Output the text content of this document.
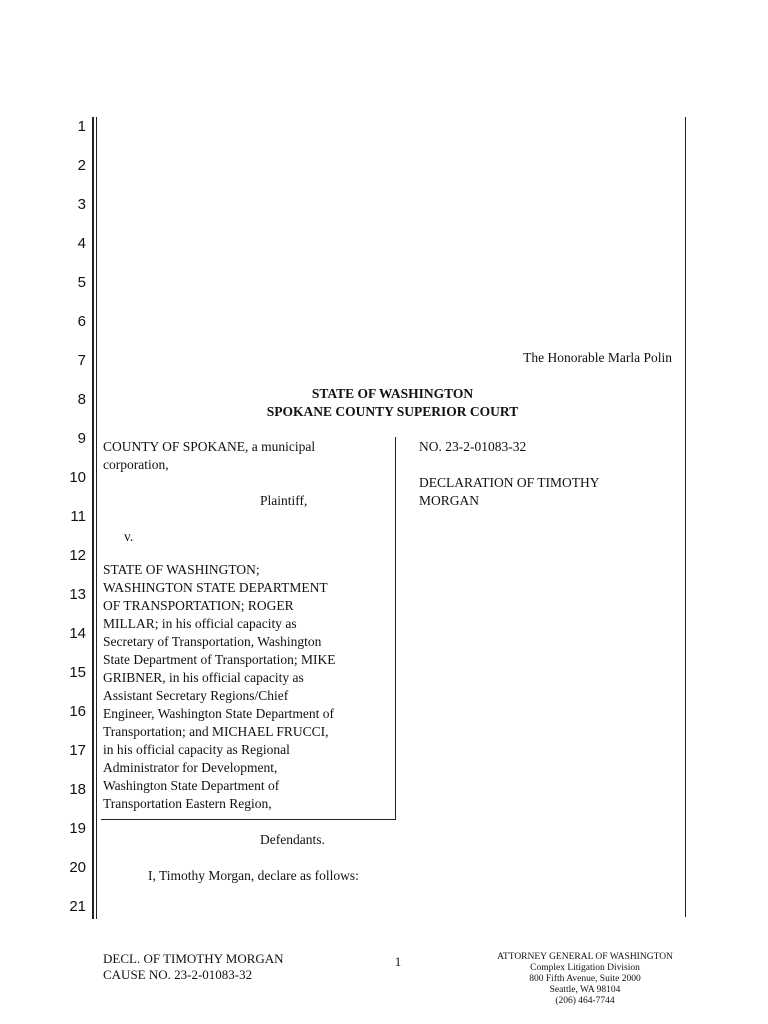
1
2
3
4
5
6
7
8
9
10
11
12
13
14
15
16
17
18
19
20
21
The Honorable Marla Polin
STATE OF WASHINGTON
SPOKANE COUNTY SUPERIOR COURT
COUNTY OF SPOKANE, a municipal
corporation,
Plaintiff,
v.
STATE OF WASHINGTON;
WASHINGTON STATE DEPARTMENT
OF TRANSPORTATION; ROGER
MILLAR; in his official capacity as
Secretary of Transportation, Washington
State Department of Transportation; MIKE
GRIBNER, in his official capacity as
Assistant Secretary Regions/Chief
Engineer, Washington State Department of
Transportation; and MICHAEL FRUCCI,
in his official capacity as Regional
Administrator for Development,
Washington State Department of
Transportation Eastern Region,
Defendants.
NO. 23-2-01083-32
DECLARATION OF TIMOTHY
MORGAN
I, Timothy Morgan, declare as follows:
DECL. OF TIMOTHY MORGAN
CAUSE NO. 23-2-01083-32
1	ATTORNEY GENERAL OF WASHINGTON
Complex Litigation Division
800 Fifth Avenue, Suite 2000
Seattle, WA 98104
(206) 464-7744
